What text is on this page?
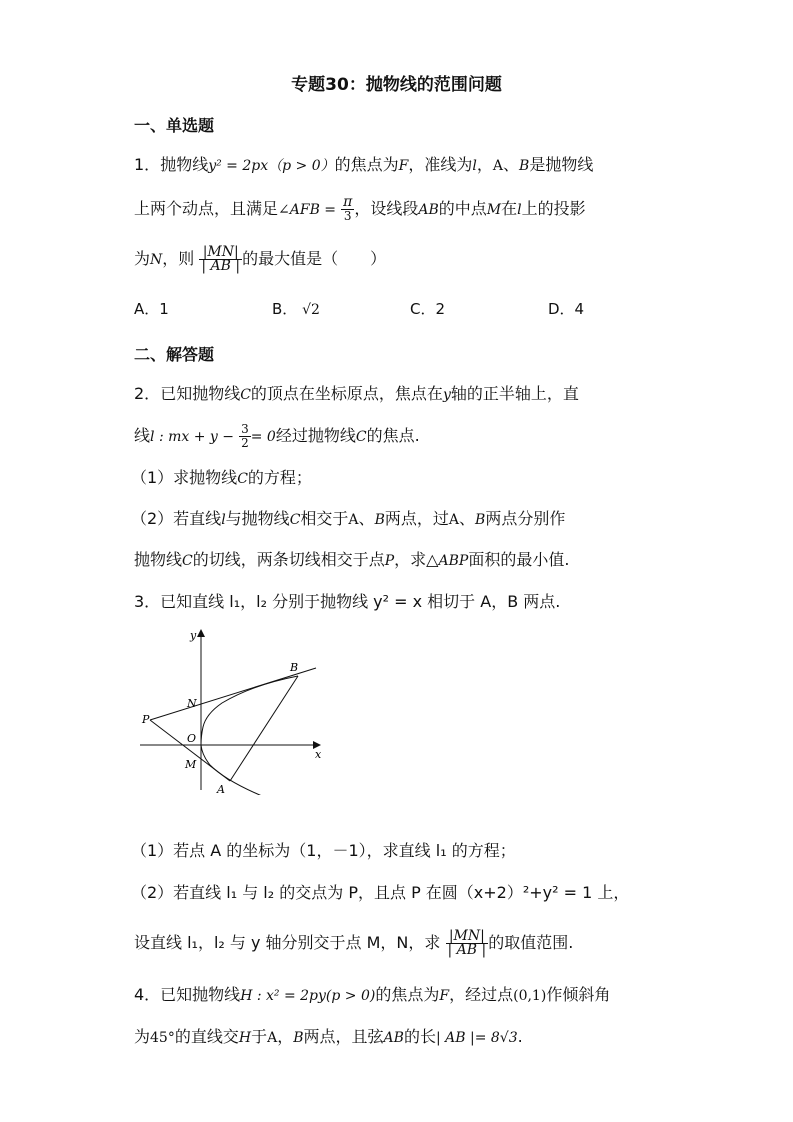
专题30：抛物线的范围问题
一、单选题
1．抛物线y² = 2px（p > 0）的焦点为F，准线为l，A、B是抛物线
上两个动点，且满足∠AFB = $\frac{\pi}{3}$ ，设线段AB的中点M在l上的投影
为N，则 $\frac{|MN|}{| AB |}$ 的最大值是（　　）
A．1	B． √2	C．2	D．4
二、解答题
2．已知抛物线C的顶点在坐标原点，焦点在y轴的正半轴上，直
线l : mx + $y - \frac{3}{2} = 0$经过抛物线C的焦点.
（1）求抛物线C的方程；
（2）若直线l与抛物线C相交于A、B两点，过A、B两点分别作
抛物线C的切线，两条切线相交于点P，求△ABP面积的最小值.
3．已知直线 l₁，l₂ 分别于抛物线 y² = x 相切于 A，B 两点.
y
x
B
N
P
O
M
A
（1）若点 A 的坐标为（1，－1），求直线 l₁ 的方程；
（2）若直线 l₁ 与 l₂ 的交点为 P，且点 P 在圆（x+2）²+y² = 1 上，
设直线 l₁，l₂ 与 y 轴分别交于点 M，N，求 $\frac{|MN|}{| AB |}$ 的取值范围.
4．已知抛物线H : x² = 2py(p > 0)的焦点为F，经过点(0,1)作倾斜角
为45°的直线交H于A，B两点，且弦AB的长| AB |= 8√3.
